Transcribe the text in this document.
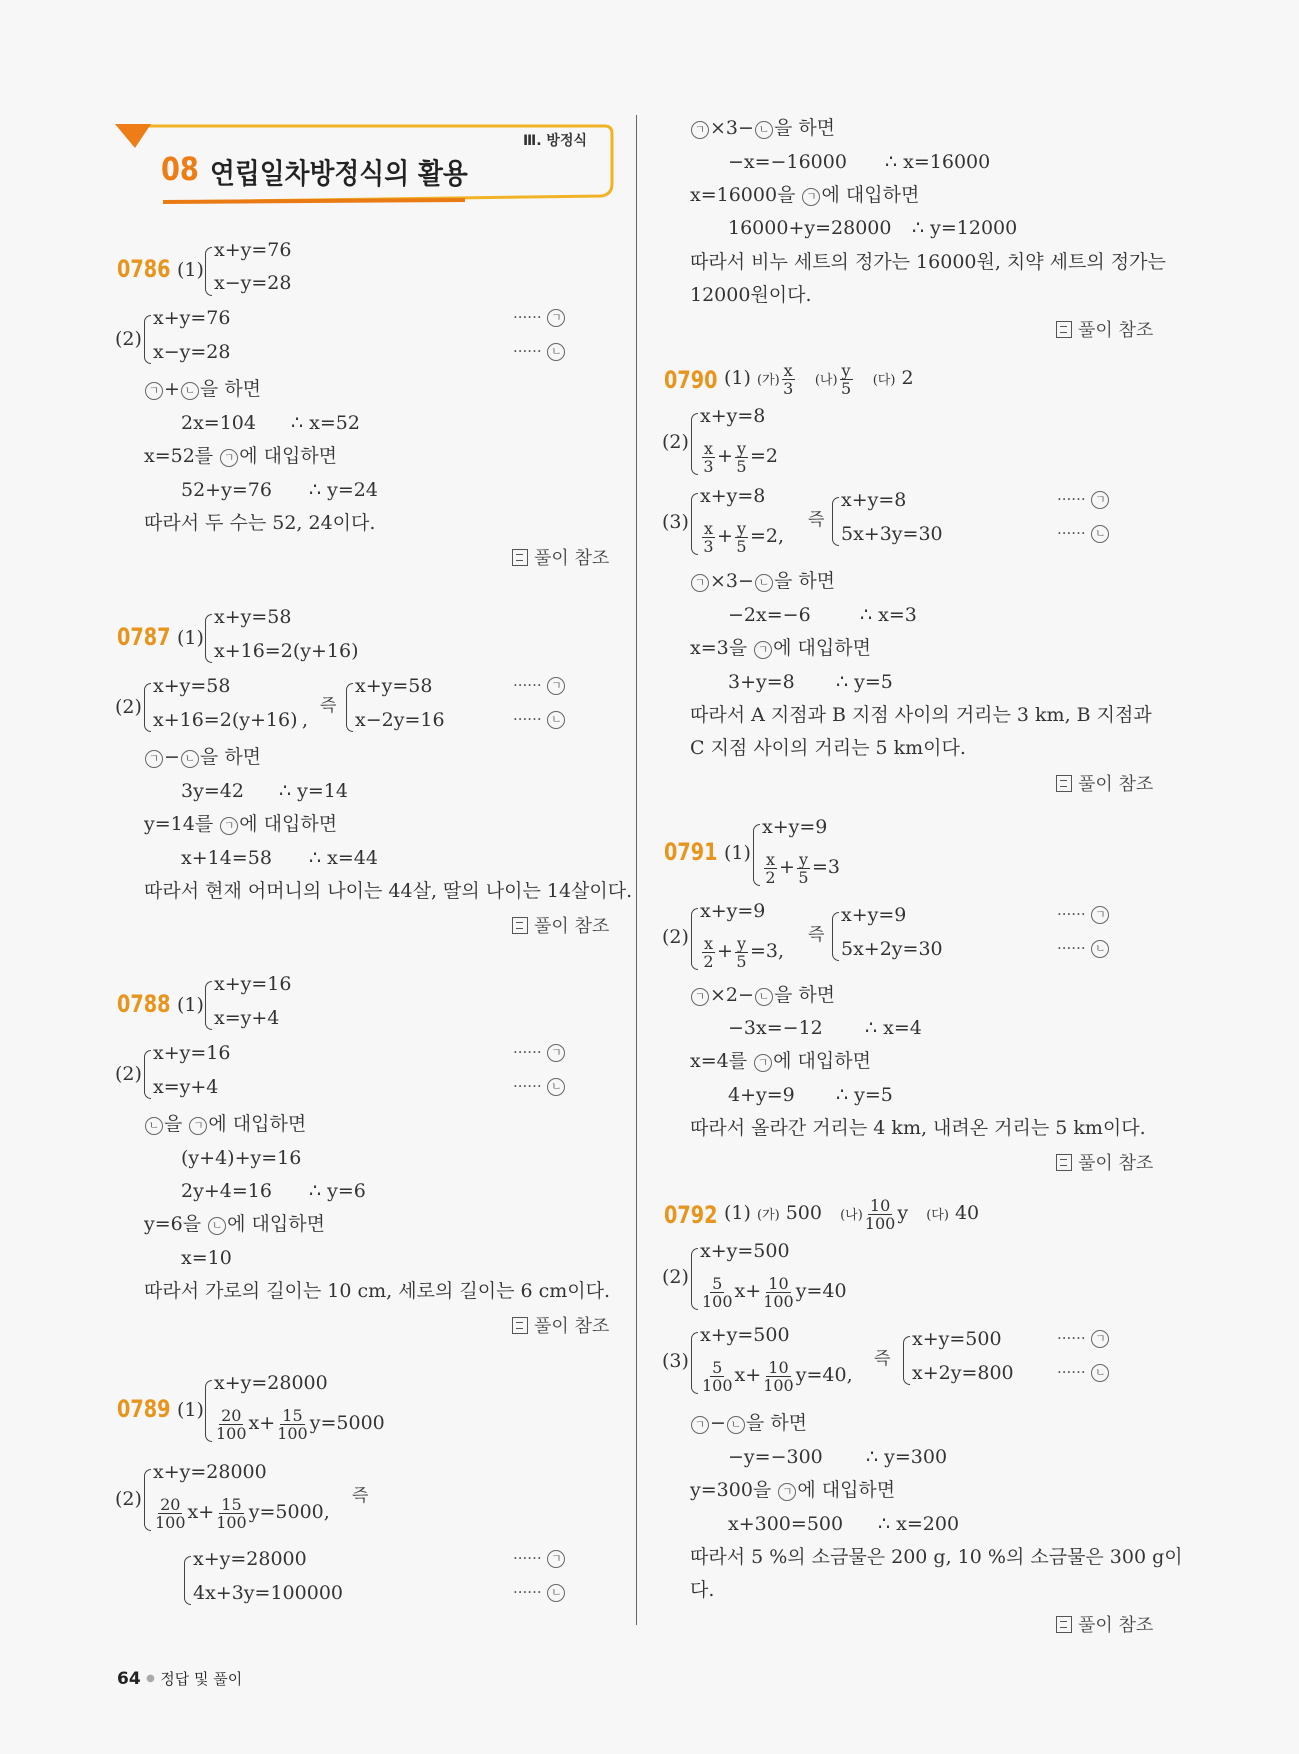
08 연립일차방정식의 활용
Ⅲ. 방정식
0786 (1)
x+y=76
x−y=28
(2)
x+y=76
x−y=28
······ ㄱ
······ ㄴ
ㄱ + ㄴ 을 하면
2x=104 ∴ x=52
x=52를 ㄱ 에 대입하면
52+y=76 ∴ y=24
따라서 두 수는 52, 24이다.
풀이 참조
0787 (1)
x+y=58
x+16=2(y+16)
(2)
x+y=58
x+16=2(y+16) ,
즉
x+y=58
x−2y=16
······ ㄱ
······ ㄴ
ㄱ − ㄴ 을 하면
3y=42 ∴ y=14
y=14를 ㄱ 에 대입하면
x+14=58 ∴ x=44
따라서 현재 어머니의 나이는 44살, 딸의 나이는 14살이다.
풀이 참조
0788 (1)
x+y=16
x=y+4
(2)
x+y=16
x=y+4
······ ㄱ
······ ㄴ
ㄴ 을 ㄱ 에 대입하면
(y+4)+y=16
2y+4=16 ∴ y=6
y=6을 ㄴ 에 대입하면
x=10
따라서 가로의 길이는 10 cm, 세로의 길이는 6 cm이다.
풀이 참조
0789 (1)
x+y=28000
$\frac{20}{100} x+ \frac{15}{100} y=5000$
(2)
x+y=28000
$\frac{20}{100} x+ \frac{15}{100} y=5000$,
즉
x+y=28000
4x+3y=100000
······ ㄱ
······ ㄴ
ㄱ ×3− ㄴ 을 하면
−x=−16000 ∴ x=16000
x=16000을 ㄱ 에 대입하면
16000+y=28000 ∴ y=12000
따라서 비누 세트의 정가는 16000원, 치약 세트의 정가는
12000원이다.
풀이 참조
0790 (1) (가) $\frac{x}{3}$ (나) $\frac{y}{5}$ (다) 2
(2)
x+y=8
$\frac{x}{3} + \frac{y}{5} =2$
(3)
x+y=8
$\frac{x}{3} + \frac{y}{5} =2$,
즉
x+y=8
5x+3y=30
······ ㄱ
······ ㄴ
ㄱ ×3− ㄴ 을 하면
−2x=−6	∴ x=3
x=3을 ㄱ 에 대입하면
3+y=8 ∴ y=5
따라서 A 지점과 B 지점 사이의 거리는 3 km, B 지점과
C 지점 사이의 거리는 5 km이다.
풀이 참조
0791 (1)
x+y=9
$\frac{x}{2} + \frac{y}{5} =3$
(2)
x+y=9
$\frac{x}{2} + \frac{y}{5} =3$,
즉
x+y=9
5x+2y=30
······ ㄱ
······ ㄴ
ㄱ ×2− ㄴ 을 하면
−3x=−12 ∴ x=4
x=4를 ㄱ 에 대입하면
4+y=9 ∴ y=5
따라서 올라간 거리는 4 km, 내려온 거리는 5 km이다.
풀이 참조
0792 (1) (가) 500 (나) $\frac{10}{100}$ y (다) 40
(2)
x+y=500
$\frac{5}{100} x+ \frac{10}{100} y=40$
(3)
x+y=500
$\frac{5}{100} x+ \frac{10}{100} y=40$,
즉
x+y=500
x+2y=800
······ ㄱ
······ ㄴ
ㄱ − ㄴ 을 하면
−y=−300 ∴ y=300
y=300을 ㄱ 에 대입하면
x+300=500 ∴ x=200
따라서 5 %의 소금물은 200 g, 10 %의 소금물은 300 g이
다.
풀이 참조
64 ● 정답 및 풀이
